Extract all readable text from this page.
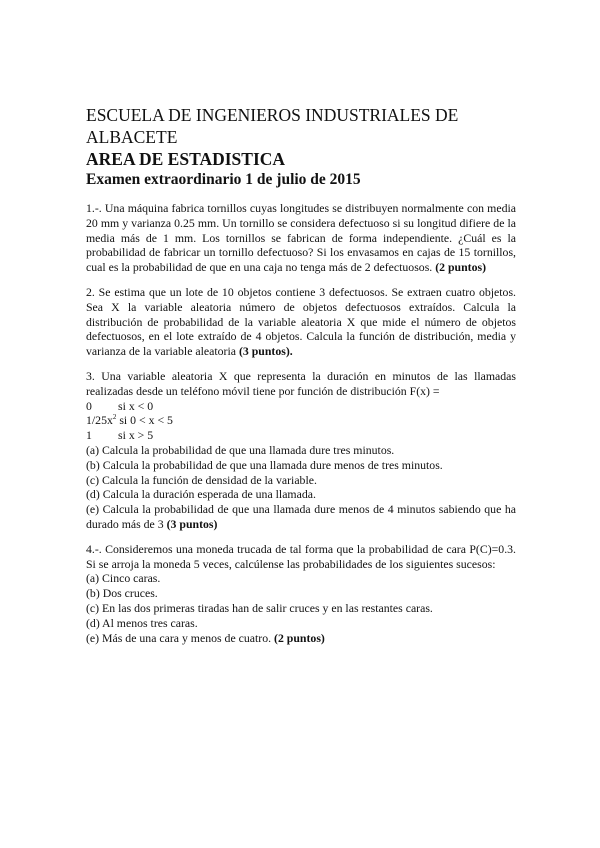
ESCUELA DE INGENIEROS INDUSTRIALES DE
ALBACETE
AREA DE ESTADISTICA
Examen extraordinario 1 de julio de 2015

1.-. Una máquina fabrica tornillos cuyas longitudes se distribuyen normalmente con media 20 mm y varianza 0.25 mm. Un tornillo se considera defectuoso si su longitud difiere de la media más de 1 mm. Los tornillos se fabrican de forma independiente. ¿Cuál es la probabilidad de fabricar un tornillo defectuoso? Si los envasamos en cajas de 15 tornillos, cual es la probabilidad de que en una caja no tenga más de 2 defectuosos. (2 puntos)

2. Se estima que un lote de 10 objetos contiene 3 defectuosos. Se extraen cuatro objetos. Sea X la variable aleatoria número de objetos defectuosos extraídos. Calcula la distribución de probabilidad de la variable aleatoria X que mide el número de objetos defectuosos, en el lote extraído de 4 objetos. Calcula la función de distribución, media y varianza de la variable aleatoria (3 puntos).

3. Una variable aleatoria X que representa la duración en minutos de las llamadas realizadas desde un teléfono móvil tiene por función de distribución F(x) =

0	si x < 0
$1/25x^2$ si 0 < x < 5
1	si x > 5

(a) Calcula la probabilidad de que una llamada dure tres minutos.

(b) Calcula la probabilidad de que una llamada dure menos de tres minutos.

(c) Calcula la función de densidad de la variable.

(d) Calcula la duración esperada de una llamada.

(e) Calcula la probabilidad de que una llamada dure menos de 4 minutos sabiendo que ha durado más de 3 (3 puntos)

4.-. Consideremos una moneda trucada de tal forma que la probabilidad de cara P(C)=0.3. Si se arroja la moneda 5 veces, calcúlense las probabilidades de los siguientes sucesos:

(a) Cinco caras.

(b) Dos cruces.

(c) En las dos primeras tiradas han de salir cruces y en las restantes caras.

(d) Al menos tres caras.

(e) Más de una cara y menos de cuatro. (2 puntos)
